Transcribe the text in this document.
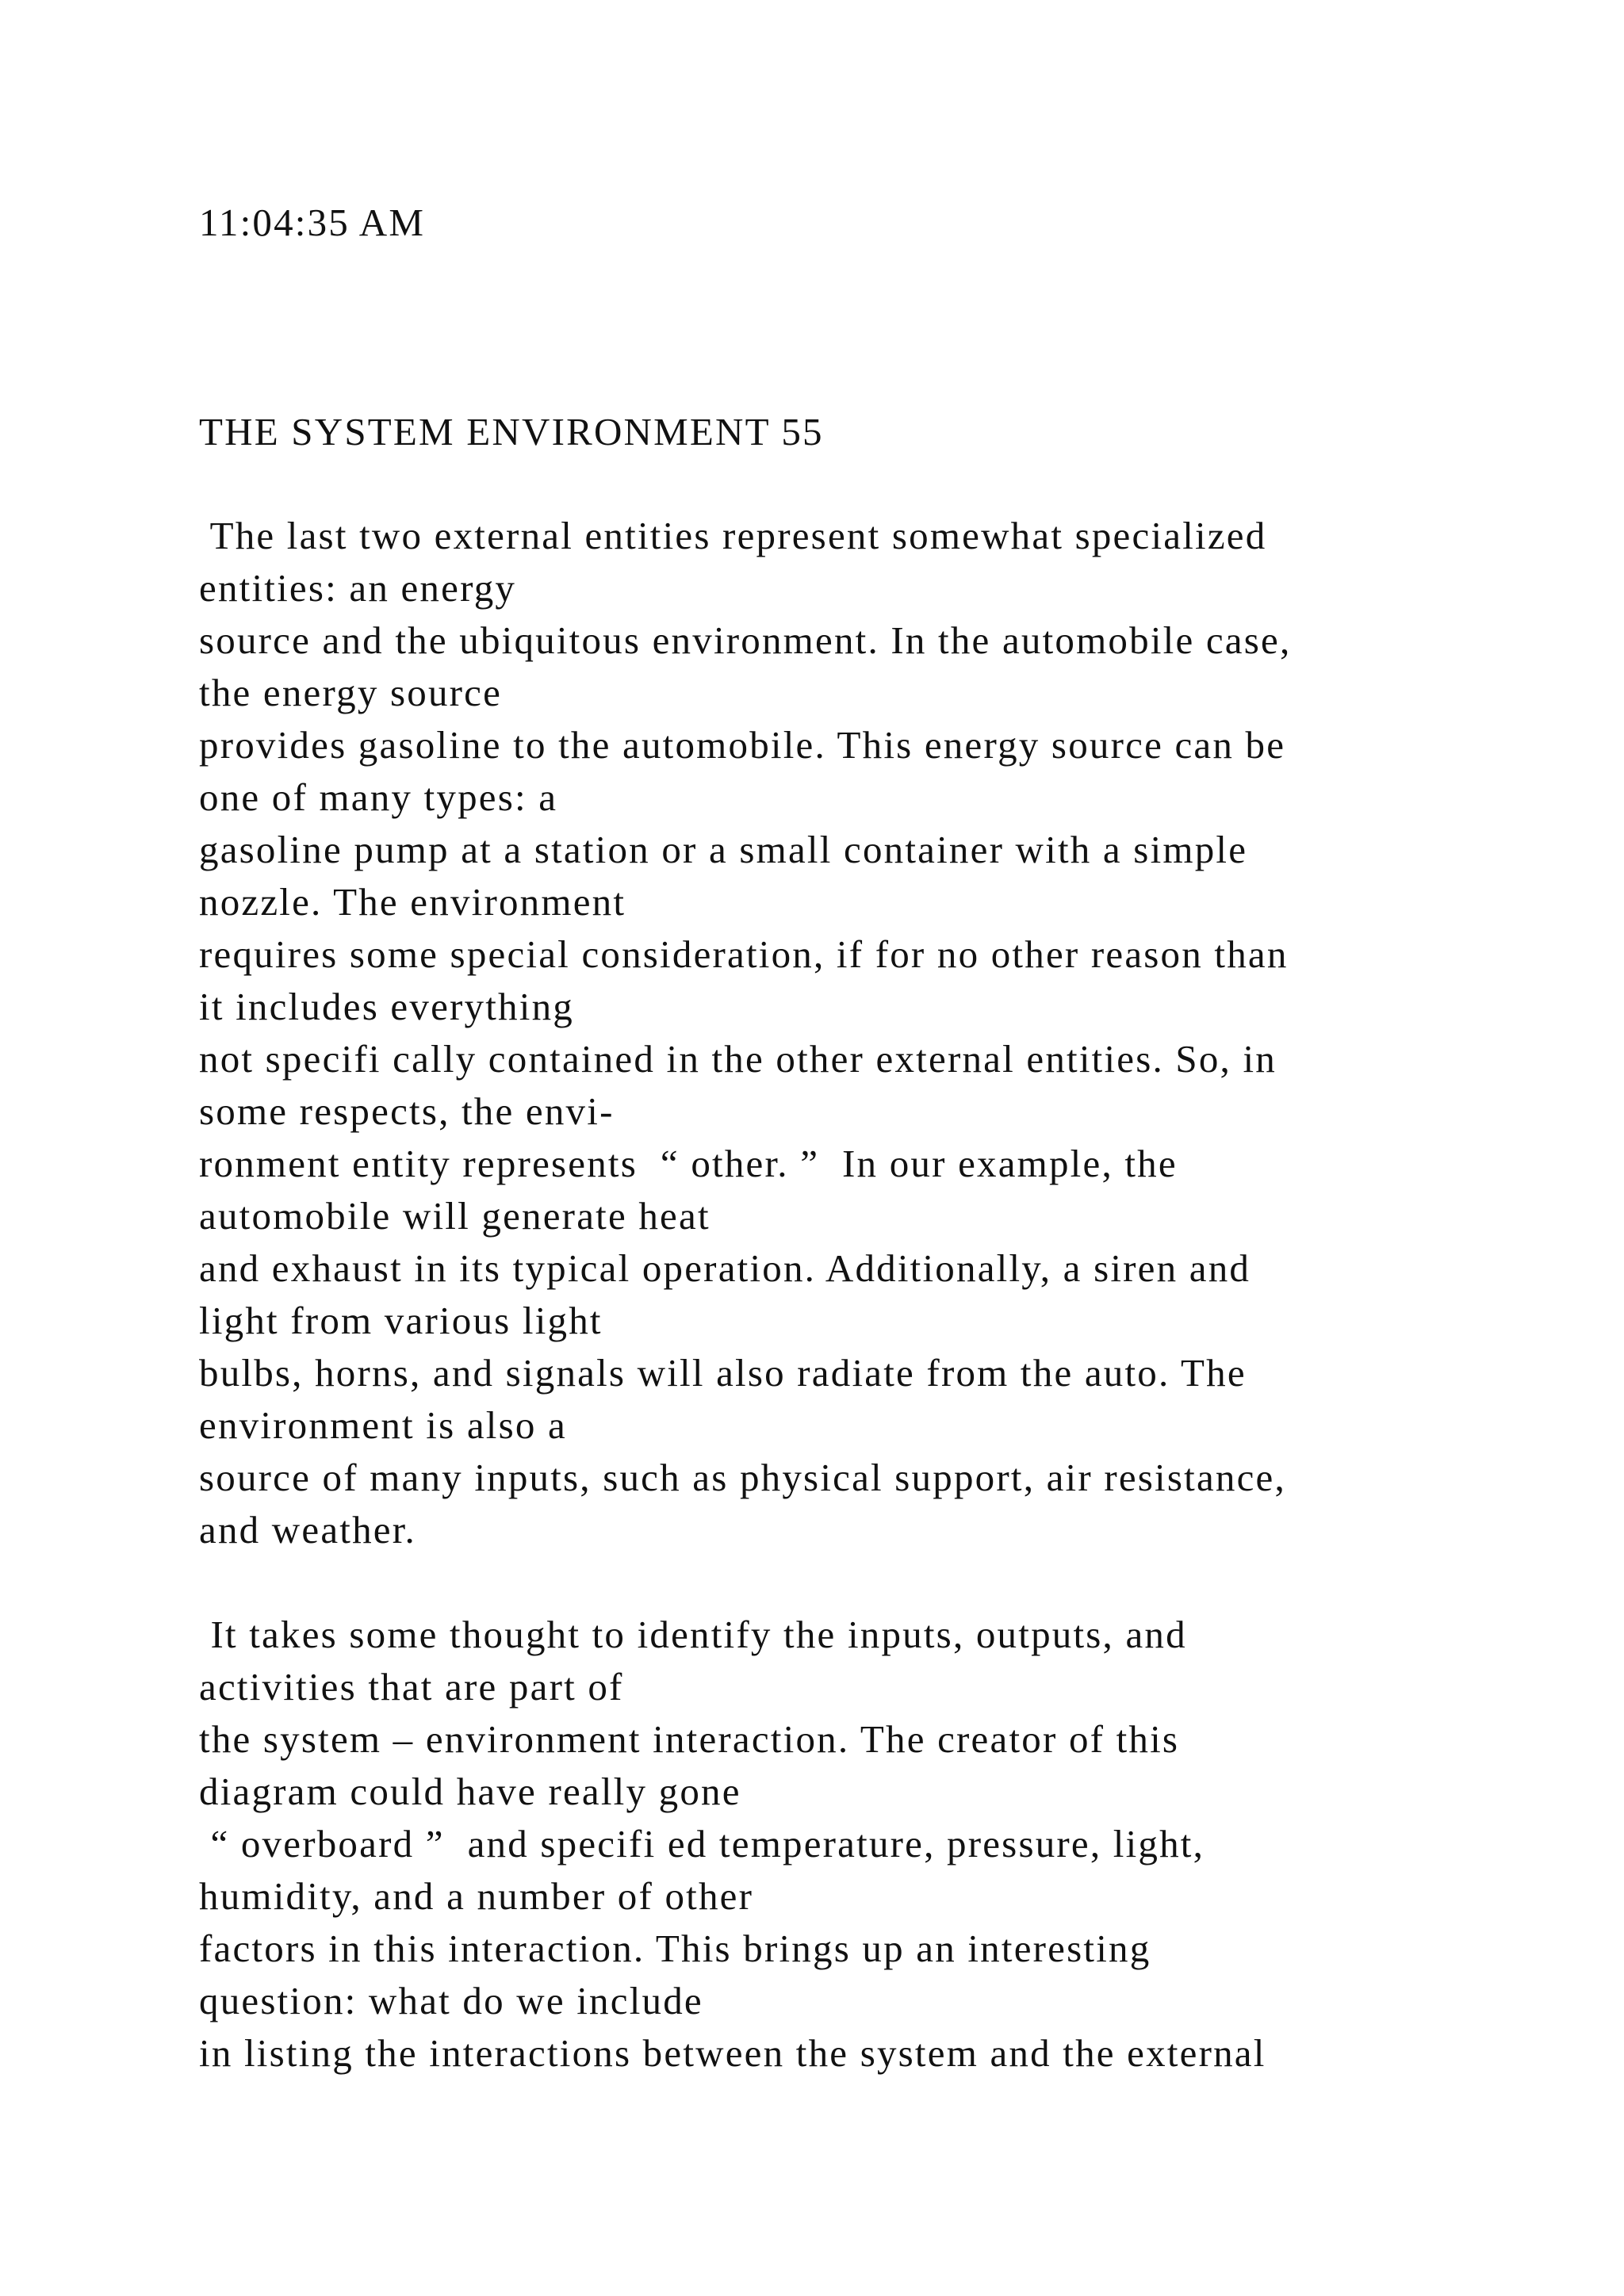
11:04:35 AM
THE SYSTEM ENVIRONMENT 55
The last two external entities represent somewhat specialized
entities: an energy
source and the ubiquitous environment. In the automobile case,
the energy source
provides gasoline to the automobile. This energy source can be
one of many types: a
gasoline pump at a station or a small container with a simple
nozzle. The environment
requires some special consideration, if for no other reason than
it includes everything
not specifi cally contained in the other external entities. So, in
some respects, the envi-
ronment entity represents  “ other. ”  In our example, the
automobile will generate heat
and exhaust in its typical operation. Additionally, a siren and
light from various light
bulbs, horns, and signals will also radiate from the auto. The
environment is also a
source of many inputs, such as physical support, air resistance,
and weather.
It takes some thought to identify the inputs, outputs, and
activities that are part of
the system – environment interaction. The creator of this
diagram could have really gone
“ overboard ”  and specifi ed temperature, pressure, light,
humidity, and a number of other
factors in this interaction. This brings up an interesting
question: what do we include
in listing the interactions between the system and the external
